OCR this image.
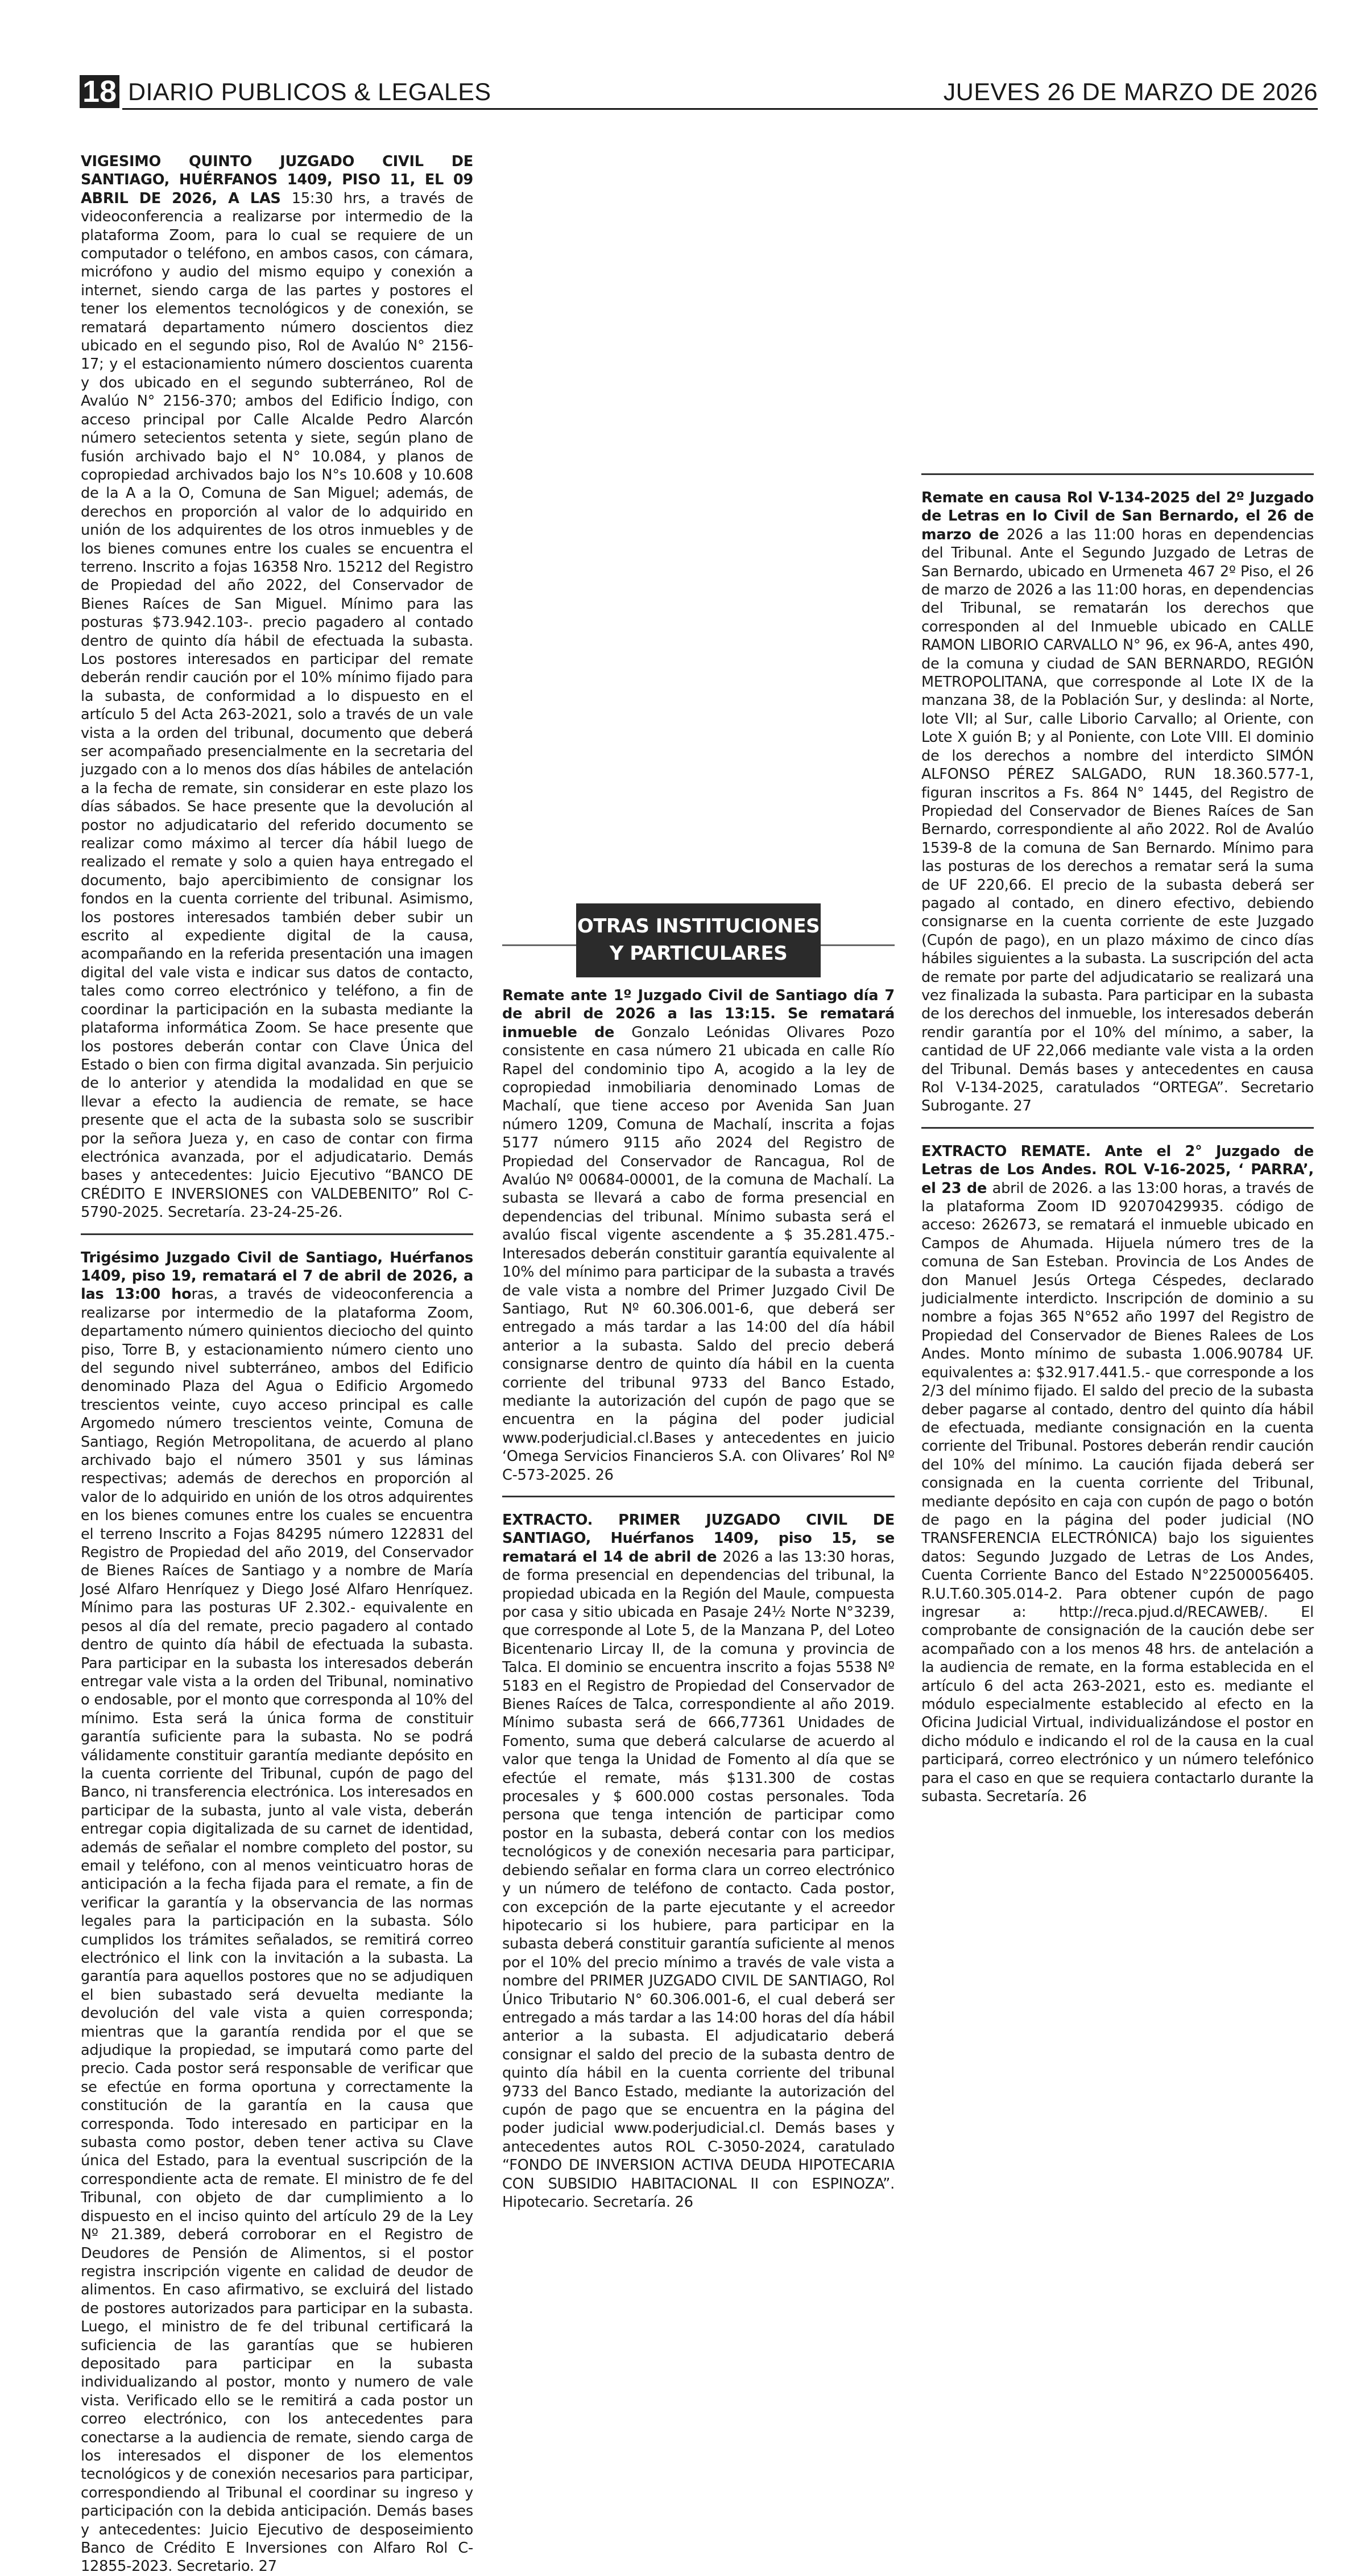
18 DIARIO PUBLICOS & LEGALES	JUEVES 26 DE MARZO DE 2026

VIGESIMO QUINTO JUZGADO CIVIL DE SANTIAGO, HUÉRFANOS 1409, PISO 11, EL 09 ABRIL DE 2026, A LAS 15:30 hrs, a través de videoconferencia a realizarse por intermedio de la plataforma Zoom, para lo cual se requiere de un computador o teléfono, en ambos casos, con cámara, micrófono y audio del mismo equipo y conexión a internet, siendo carga de las partes y postores el tener los elementos tecnológicos y de conexión, se rematará departamento número doscientos diez ubicado en el segundo piso, Rol de Avalúo N° 2156-17; y el estacionamiento número doscientos cuarenta y dos ubicado en el segundo subterráneo, Rol de Avalúo N° 2156-370; ambos del Edificio Índigo, con acceso principal por Calle Alcalde Pedro Alarcón número setecientos setenta y siete, según plano de fusión archivado bajo el N° 10.084, y planos de copropiedad archivados bajo los N°s 10.608 y 10.608 de la A a la O, Comuna de San Miguel; además, de derechos en proporción al valor de lo adquirido en unión de los adquirentes de los otros inmuebles y de los bienes comunes entre los cuales se encuentra el terreno. Inscrito a fojas 16358 Nro. 15212 del Registro de Propiedad del año 2022, del Conservador de Bienes Raíces de San Miguel. Mínimo para las posturas $73.942.103-. precio pagadero al contado dentro de quinto día hábil de efectuada la subasta. Los postores interesados en participar del remate deberán rendir caución por el 10% mínimo fijado para la subasta, de conformidad a lo dispuesto en el artículo 5 del Acta 263-2021, solo a través de un vale vista a la orden del tribunal, documento que deberá ser acompañado presencialmente en la secretaria del juzgado con a lo menos dos días hábiles de antelación a la fecha de remate, sin considerar en este plazo los días sábados. Se hace presente que la devolución al postor no adjudicatario del referido documento se realizar como máximo al tercer día hábil luego de realizado el remate y solo a quien haya entregado el documento, bajo apercibimiento de consignar los fondos en la cuenta corriente del tribunal. Asimismo, los postores interesados también deber subir un escrito al expediente digital de la causa, acompañando en la referida presentación una imagen digital del vale vista e indicar sus datos de contacto, tales como correo electrónico y teléfono, a fin de coordinar la participación en la subasta mediante la plataforma informática Zoom. Se hace presente que los postores deberán contar con Clave Única del Estado o bien con firma digital avanzada. Sin perjuicio de lo anterior y atendida la modalidad en que se llevar a efecto la audiencia de remate, se hace presente que el acta de la subasta solo se suscribir por la señora Jueza y, en caso de contar con firma electrónica avanzada, por el adjudicatario. Demás bases y antecedentes: Juicio Ejecutivo “BANCO DE CRÉDITO E INVERSIONES con VALDEBENITO” Rol C-5790-2025. Secretaría. 23-24-25-26.

Trigésimo Juzgado Civil de Santiago, Huérfanos 1409, piso 19, rematará el 7 de abril de 2026, a las 13:00 horas, a través de videoconferencia a realizarse por intermedio de la plataforma Zoom, departamento número quinientos dieciocho del quinto piso, Torre B, y estacionamiento número ciento uno del segundo nivel subterráneo, ambos del Edificio denominado Plaza del Agua o Edificio Argomedo trescientos veinte, cuyo acceso principal es calle Argomedo número trescientos veinte, Comuna de Santiago, Región Metropolitana, de acuerdo al plano archivado bajo el número 3501 y sus láminas respectivas; además de derechos en proporción al valor de lo adquirido en unión de los otros adquirentes en los bienes comunes entre los cuales se encuentra el terreno Inscrito a Fojas 84295 número 122831 del Registro de Propiedad del año 2019, del Conservador de Bienes Raíces de Santiago y a nombre de María José Alfaro Henríquez y Diego José Alfaro Henríquez. Mínimo para las posturas UF 2.302.- equivalente en pesos al día del remate, precio pagadero al contado dentro de quinto día hábil de efectuada la subasta. Para participar en la subasta los interesados deberán entregar vale vista a la orden del Tribunal, nominativo o endosable, por el monto que corresponda al 10% del mínimo. Esta será la única forma de constituir garantía suficiente para la subasta. No se podrá válidamente constituir garantía mediante depósito en la cuenta corriente del Tribunal, cupón de pago del Banco, ni transferencia electrónica. Los interesados en participar de la subasta, junto al vale vista, deberán entregar copia digitalizada de su carnet de identidad, además de señalar el nombre completo del postor, su email y teléfono, con al menos veinticuatro horas de anticipación a la fecha fijada para el remate, a fin de verificar la garantía y la observancia de las normas legales para la participación en la subasta. Sólo cumplidos los trámites señalados, se remitirá correo electrónico el link con la invitación a la subasta. La garantía para aquellos postores que no se adjudiquen el bien subastado será devuelta mediante la devolución del vale vista a quien corresponda; mientras que la garantía rendida por el que se adjudique la propiedad, se imputará como parte del precio. Cada postor será responsable de verificar que se efectúe en forma oportuna y correctamente la constitución de la garantía en la causa que corresponda. Todo interesado en participar en la subasta como postor, deben tener activa su Clave única del Estado, para la eventual suscripción de la correspondiente acta de remate. El ministro de fe del Tribunal, con objeto de dar cumplimiento a lo dispuesto en el inciso quinto del artículo 29 de la Ley Nº 21.389, deberá corroborar en el Registro de Deudores de Pensión de Alimentos, si el postor registra inscripción vigente en calidad de deudor de alimentos. En caso afirmativo, se excluirá del listado de postores autorizados para participar en la subasta. Luego, el ministro de fe del tribunal certificará la suficiencia de las garantías que se hubieren depositado para participar en la subasta individualizando al postor, monto y numero de vale vista. Verificado ello se le remitirá a cada postor un correo electrónico, con los antecedentes para conectarse a la audiencia de remate, siendo carga de los interesados el disponer de los elementos tecnológicos y de conexión necesarios para participar, correspondiendo al Tribunal el coordinar su ingreso y participación con la debida anticipación. Demás bases y antecedentes: Juicio Ejecutivo de desposeimiento Banco de Crédito E Inversiones con Alfaro Rol C-12855-2023. Secretario. 27

OTRAS INSTITUCIONES
Y PARTICULARES

Remate ante 1º Juzgado Civil de Santiago día 7 de abril de 2026 a las 13:15. Se rematará inmueble de Gonzalo Leónidas Olivares Pozo consistente en casa número 21 ubicada en calle Río Rapel del condominio tipo A, acogido a la ley de copropiedad inmobiliaria denominado Lomas de Machalí, que tiene acceso por Avenida San Juan número 1209, Comuna de Machalí, inscrita a fojas 5177 número 9115 año 2024 del Registro de Propiedad del Conservador de Rancagua, Rol de Avalúo Nº 00684-00001, de la comuna de Machalí. La subasta se llevará a cabo de forma presencial en dependencias del tribunal. Mínimo subasta será el avalúo fiscal vigente ascendente a $ 35.281.475.- Interesados deberán constituir garantía equivalente al 10% del mínimo para participar de la subasta a través de vale vista a nombre del Primer Juzgado Civil De Santiago, Rut Nº 60.306.001-6, que deberá ser entregado a más tardar a las 14:00 del día hábil anterior a la subasta. Saldo del precio deberá consignarse dentro de quinto día hábil en la cuenta corriente del tribunal 9733 del Banco Estado, mediante la autorización del cupón de pago que se encuentra en la página del poder judicial www.poderjudicial.cl.Bases y antecedentes en juicio ‘Omega Servicios Financieros S.A. con Olivares’ Rol Nº C-573-2025. 26

EXTRACTO. PRIMER JUZGADO CIVIL DE SANTIAGO, Huérfanos 1409, piso 15, se rematará el 14 de abril de 2026 a las 13:30 horas, de forma presencial en dependencias del tribunal, la propiedad ubicada en la Región del Maule, compuesta por casa y sitio ubicada en Pasaje 24½ Norte N°3239, que corresponde al Lote 5, de la Manzana P, del Loteo Bicentenario Lircay II, de la comuna y provincia de Talca. El dominio se encuentra inscrito a fojas 5538 Nº 5183 en el Registro de Propiedad del Conservador de Bienes Raíces de Talca, correspondiente al año 2019. Mínimo subasta será de 666,77361 Unidades de Fomento, suma que deberá calcularse de acuerdo al valor que tenga la Unidad de Fomento al día que se efectúe el remate, más $131.300 de costas procesales y $ 600.000 costas personales. Toda persona que tenga intención de participar como postor en la subasta, deberá contar con los medios tecnológicos y de conexión necesaria para participar, debiendo señalar en forma clara un correo electrónico y un número de teléfono de contacto. Cada postor, con excepción de la parte ejecutante y el acreedor hipotecario si los hubiere, para participar en la subasta deberá constituir garantía suficiente al menos por el 10% del precio mínimo a través de vale vista a nombre del PRIMER JUZGADO CIVIL DE SANTIAGO, Rol Único Tributario N° 60.306.001-6, el cual deberá ser entregado a más tardar a las 14:00 horas del día hábil anterior a la subasta. El adjudicatario deberá consignar el saldo del precio de la subasta dentro de quinto día hábil en la cuenta corriente del tribunal 9733 del Banco Estado, mediante la autorización del cupón de pago que se encuentra en la página del poder judicial www.poderjudicial.cl. Demás bases y antecedentes autos ROL C-3050-2024, caratulado “FONDO DE INVERSION ACTIVA DEUDA HIPOTECARIA CON SUBSIDIO HABITACIONAL II con ESPINOZA”. Hipotecario. Secretaría. 26

Remate en causa Rol V-134-2025 del 2º Juzgado de Letras en lo Civil de San Bernardo, el 26 de marzo de 2026 a las 11:00 horas en dependencias del Tribunal. Ante el Segundo Juzgado de Letras de San Bernardo, ubicado en Urmeneta 467 2º Piso, el 26 de marzo de 2026 a las 11:00 horas, en dependencias del Tribunal, se rematarán los derechos que corresponden al del Inmueble ubicado en CALLE RAMON LIBORIO CARVALLO N° 96, ex 96-A, antes 490, de la comuna y ciudad de SAN BERNARDO, REGIÓN METROPOLITANA, que corresponde al Lote IX de la manzana 38, de la Población Sur, y deslinda: al Norte, lote VII; al Sur, calle Liborio Carvallo; al Oriente, con Lote X guión B; y al Poniente, con Lote VIII. El dominio de los derechos a nombre del interdicto SIMÓN ALFONSO PÉREZ SALGADO, RUN 18.360.577-1, figuran inscritos a Fs. 864 N° 1445, del Registro de Propiedad del Conservador de Bienes Raíces de San Bernardo, correspondiente al año 2022. Rol de Avalúo 1539-8 de la comuna de San Bernardo. Mínimo para las posturas de los derechos a rematar será la suma de UF 220,66. El precio de la subasta deberá ser pagado al contado, en dinero efectivo, debiendo consignarse en la cuenta corriente de este Juzgado (Cupón de pago), en un plazo máximo de cinco días hábiles siguientes a la subasta. La suscripción del acta de remate por parte del adjudicatario se realizará una vez finalizada la subasta. Para participar en la subasta de los derechos del inmueble, los interesados deberán rendir garantía por el 10% del mínimo, a saber, la cantidad de UF 22,066 mediante vale vista a la orden del Tribunal. Demás bases y antecedentes en causa Rol V-134-2025, caratulados “ORTEGA”. Secretario Subrogante. 27

EXTRACTO REMATE. Ante el 2° Juzgado de Letras de Los Andes. ROL V-16-2025, ‘ PARRA’, el 23 de abril de 2026. a las 13:00 horas, a través de la plataforma Zoom ID 92070429935. código de acceso: 262673, se rematará el inmueble ubicado en Campos de Ahumada. Hijuela número tres de la comuna de San Esteban. Provincia de Los Andes de don Manuel Jesús Ortega Céspedes, declarado judicialmente interdicto. Inscripción de dominio a su nombre a fojas 365 N°652 año 1997 del Registro de Propiedad del Conservador de Bienes Ralees de Los Andes. Monto mínimo de subasta 1.006.90784 UF. equivalentes a: $32.917.441.5.- que corresponde a los 2/3 del mínimo fijado. El saldo del precio de la subasta deber pagarse al contado, dentro del quinto día hábil de efectuada, mediante consignación en la cuenta corriente del Tribunal. Postores deberán rendir caución del 10% del mínimo. La caución fijada deberá ser consignada en la cuenta corriente del Tribunal, mediante depósito en caja con cupón de pago o botón de pago en la página del poder judicial (NO TRANSFERENCIA ELECTRÓNICA) bajo los siguientes datos: Segundo Juzgado de Letras de Los Andes, Cuenta Corriente Banco del Estado N°22500056405. R.U.T.60.305.014-2. Para obtener cupón de pago ingresar a: http://reca.pjud.d/RECAWEB/. El comprobante de consignación de la caución debe ser acompañado con a los menos 48 hrs. de antelación a la audiencia de remate, en la forma establecida en el artículo 6 del acta 263-2021, esto es. mediante el módulo especialmente establecido al efecto en la Oficina Judicial Virtual, individualizándose el postor en dicho módulo e indicando el rol de la causa en la cual participará, correo electrónico y un número telefónico para el caso en que se requiera contactarlo durante la subasta. Secretaría. 26
